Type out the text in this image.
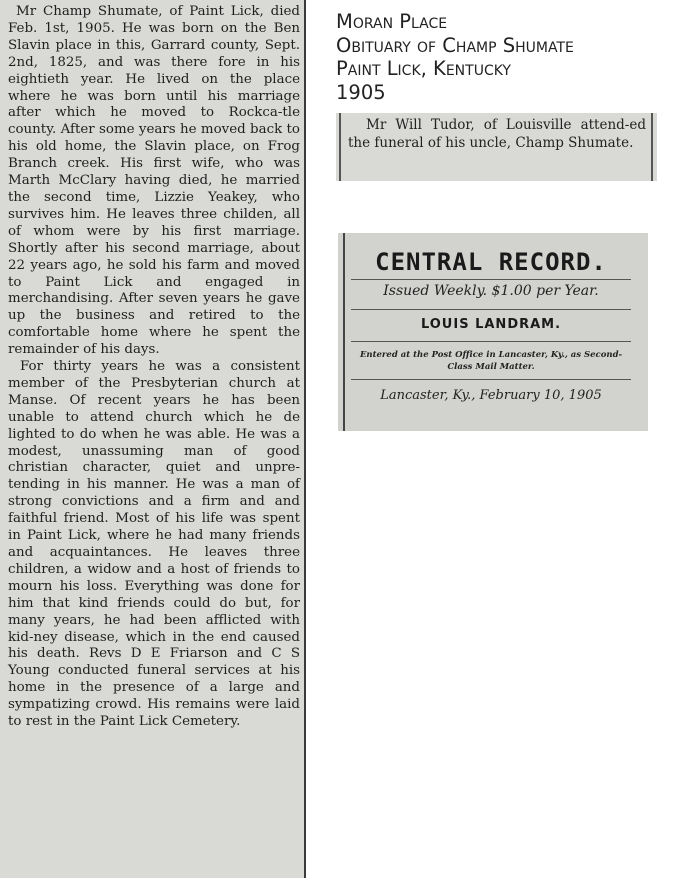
Mr Champ Shumate, of Paint Lick, died Feb. 1st, 1905. He was born on the Ben Slavin place in this, Garrard county, Sept. 2nd, 1825, and was there fore in his eightieth year. He lived on the place where he was born until his marriage after which he moved to Rockca-tle county. After some years he moved back to his old home, the Slavin place, on Frog Branch creek. His first wife, who was Marth McClary having died, he married the second time, Lizzie Yeakey, who survives him. He leaves three childen, all of whom were by his first marriage. Shortly after his second marriage, about 22 years ago, he sold his farm and moved to Paint Lick and engaged in merchandising. After seven years he gave up the business and retired to the comfortable home where he spent the remainder of his days.

For thirty years he was a consistent member of the Presbyterian church at Manse. Of recent years he has been unable to attend church which he de lighted to do when he was able. He was a modest, unassuming man of good christian character, quiet and unpre-tending in his manner. He was a man of strong convictions and a firm and and faithful friend. Most of his life was spent in Paint Lick, where he had many friends and acquaintances. He leaves three children, a widow and a host of friends to mourn his loss. Everything was done for him that kind friends could do but, for many years, he had been afflicted with kid-ney disease, which in the end caused his death. Revs D E Friarson and C S Young conducted funeral services at his home in the presence of a large and sympatizing crowd. His remains were laid to rest in the Paint Lick Cemetery.

Moran Place
Obituary of Champ Shumate
Paint Lick, Kentucky
1905

Mr Will Tudor, of Louisville attend-ed the funeral of his uncle, Champ Shumate.

CENTRAL RECORD.
Issued Weekly. $1.00 per Year.
LOUIS LANDRAM.
Entered at the Post Office in Lancaster, Ky., as Second-Class Mail Matter.
Lancaster, Ky., February 10, 1905
